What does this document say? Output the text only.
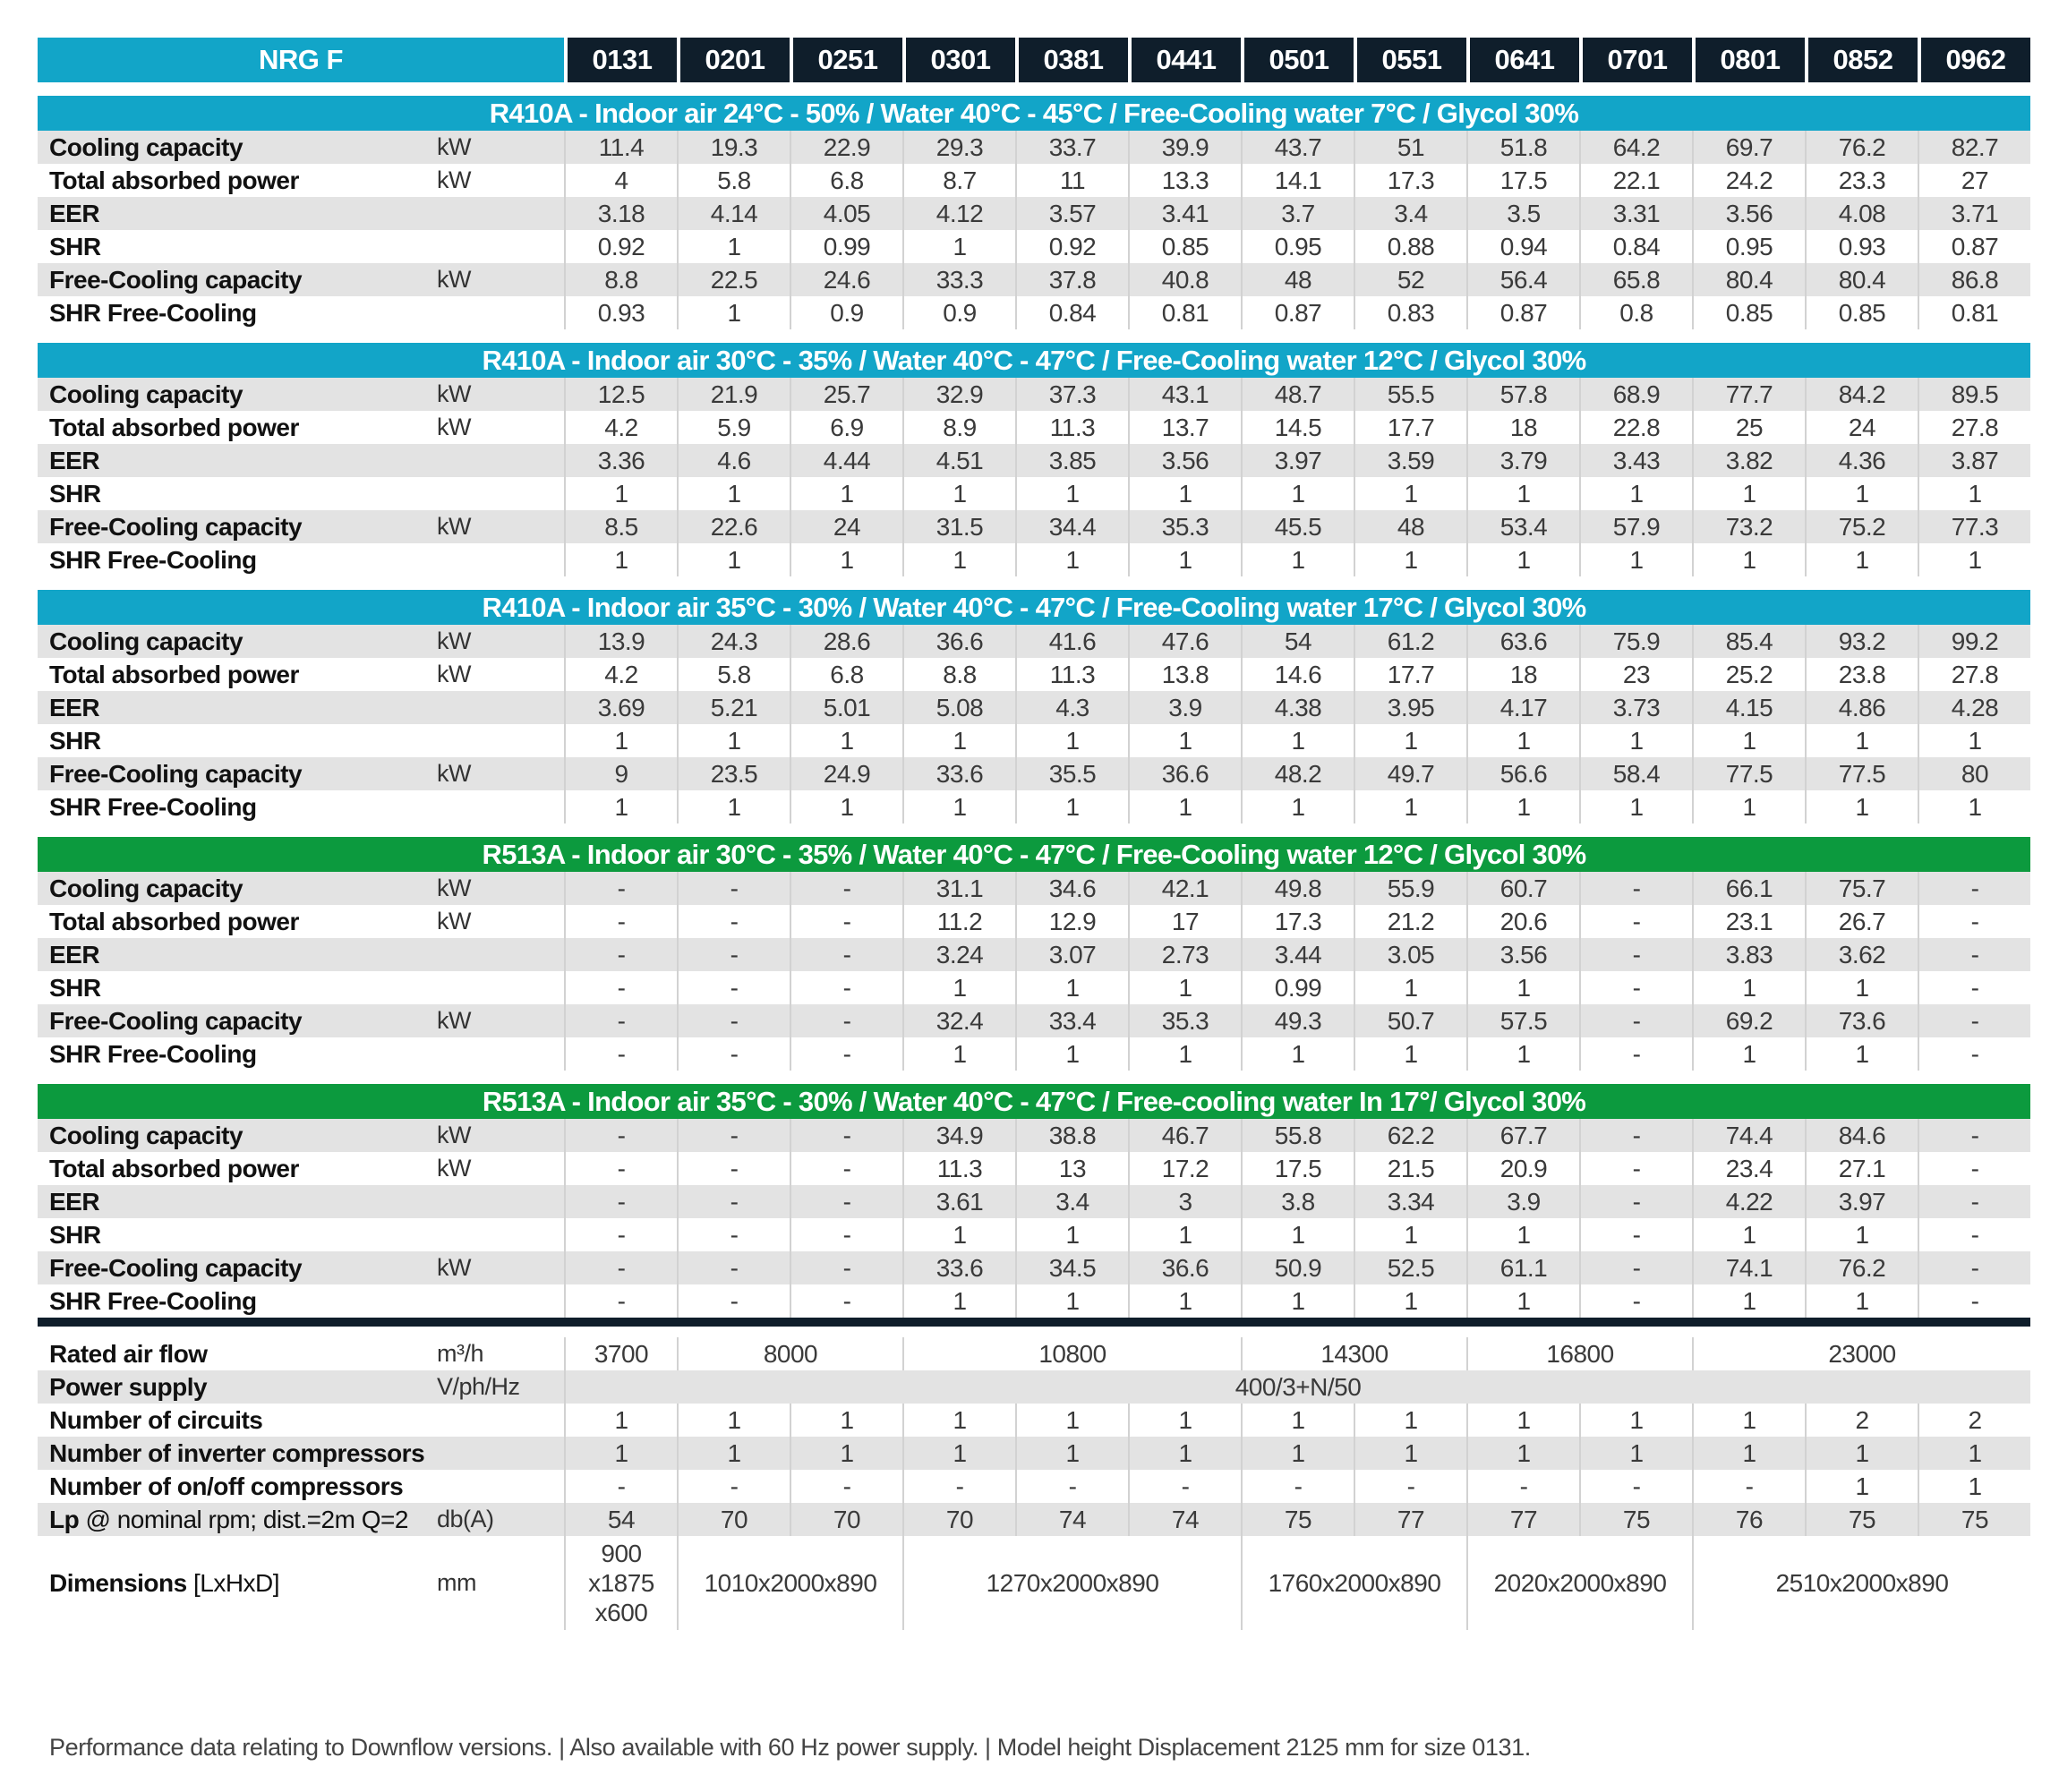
NRG F		0131	0201	0251	0301	0381	0441	0501	0551	0641	0701	0801	0852	0962

R410A - Indoor air 24°C - 50% / Water 40°C - 45°C / Free-Cooling water 7°C / Glycol 30%														
Cooling capacity	kW	11.4	19.3	22.9	29.3	33.7	39.9	43.7	51	51.8	64.2	69.7	76.2	82.7
Total absorbed power	kW	4	5.8	6.8	8.7	11	13.3	14.1	17.3	17.5	22.1	24.2	23.3	27
EER		3.18	4.14	4.05	4.12	3.57	3.41	3.7	3.4	3.5	3.31	3.56	4.08	3.71
SHR		0.92	1	0.99	1	0.92	0.85	0.95	0.88	0.94	0.84	0.95	0.93	0.87
Free-Cooling capacity	kW	8.8	22.5	24.6	33.3	37.8	40.8	48	52	56.4	65.8	80.4	80.4	86.8
SHR Free-Cooling		0.93	1	0.9	0.9	0.84	0.81	0.87	0.83	0.87	0.8	0.85	0.85	0.81

R410A - Indoor air 30°C - 35% / Water 40°C - 47°C / Free-Cooling water 12°C / Glycol 30%														
Cooling capacity	kW	12.5	21.9	25.7	32.9	37.3	43.1	48.7	55.5	57.8	68.9	77.7	84.2	89.5
Total absorbed power	kW	4.2	5.9	6.9	8.9	11.3	13.7	14.5	17.7	18	22.8	25	24	27.8
EER		3.36	4.6	4.44	4.51	3.85	3.56	3.97	3.59	3.79	3.43	3.82	4.36	3.87
SHR		1	1	1	1	1	1	1	1	1	1	1	1	1
Free-Cooling capacity	kW	8.5	22.6	24	31.5	34.4	35.3	45.5	48	53.4	57.9	73.2	75.2	77.3
SHR Free-Cooling		1	1	1	1	1	1	1	1	1	1	1	1	1

R410A - Indoor air 35°C - 30% / Water 40°C - 47°C / Free-Cooling water 17°C / Glycol 30%														
Cooling capacity	kW	13.9	24.3	28.6	36.6	41.6	47.6	54	61.2	63.6	75.9	85.4	93.2	99.2
Total absorbed power	kW	4.2	5.8	6.8	8.8	11.3	13.8	14.6	17.7	18	23	25.2	23.8	27.8
EER		3.69	5.21	5.01	5.08	4.3	3.9	4.38	3.95	4.17	3.73	4.15	4.86	4.28
SHR		1	1	1	1	1	1	1	1	1	1	1	1	1
Free-Cooling capacity	kW	9	23.5	24.9	33.6	35.5	36.6	48.2	49.7	56.6	58.4	77.5	77.5	80
SHR Free-Cooling		1	1	1	1	1	1	1	1	1	1	1	1	1

R513A - Indoor air 30°C - 35% / Water 40°C - 47°C / Free-Cooling water 12°C / Glycol 30%														
Cooling capacity	kW	-	-	-	31.1	34.6	42.1	49.8	55.9	60.7	-	66.1	75.7	-
Total absorbed power	kW	-	-	-	11.2	12.9	17	17.3	21.2	20.6	-	23.1	26.7	-
EER		-	-	-	3.24	3.07	2.73	3.44	3.05	3.56	-	3.83	3.62	-
SHR		-	-	-	1	1	1	0.99	1	1	-	1	1	-
Free-Cooling capacity	kW	-	-	-	32.4	33.4	35.3	49.3	50.7	57.5	-	69.2	73.6	-
SHR Free-Cooling		-	-	-	1	1	1	1	1	1	-	1	1	-

R513A - Indoor air 35°C - 30% / Water 40°C - 47°C / Free-cooling water In 17°/ Glycol 30%														
Cooling capacity	kW	-	-	-	34.9	38.8	46.7	55.8	62.2	67.7	-	74.4	84.6	-
Total absorbed power	kW	-	-	-	11.3	13	17.2	17.5	21.5	20.9	-	23.4	27.1	-
EER		-	-	-	3.61	3.4	3	3.8	3.34	3.9	-	4.22	3.97	-
SHR		-	-	-	1	1	1	1	1	1	-	1	1	-
Free-Cooling capacity	kW	-	-	-	33.6	34.5	36.6	50.9	52.5	61.1	-	74.1	76.2	-
SHR Free-Cooling		-	-	-	1	1	1	1	1	1	-	1	1	-

Rated air flow	m³/h	3700	8000		10800			14300		16800		23000		
Power supply	V/ph/Hz	400/3+N/50												
Number of circuits		1	1	1	1	1	1	1	1	1	1	1	2	2
Number of inverter compressors		1	1	1	1	1	1	1	1	1	1	1	1	1
Number of on/off compressors		-	-	-	-	-	-	-	-	-	-	-	1	1
Lp @ nominal rpm; dist.=2m Q=2	db(A)	54	70	70	70	74	74	75	77	77	75	76	75	75
Dimensions [LxHxD]	mm	900
x1875
x600	1010x2000x890		1270x2000x890			1760x2000x890		2020x2000x890		2510x2000x890		
Performance data relating to Downflow versions. | Also available with 60 Hz power supply. | Model height Displacement 2125 mm for size 0131.
